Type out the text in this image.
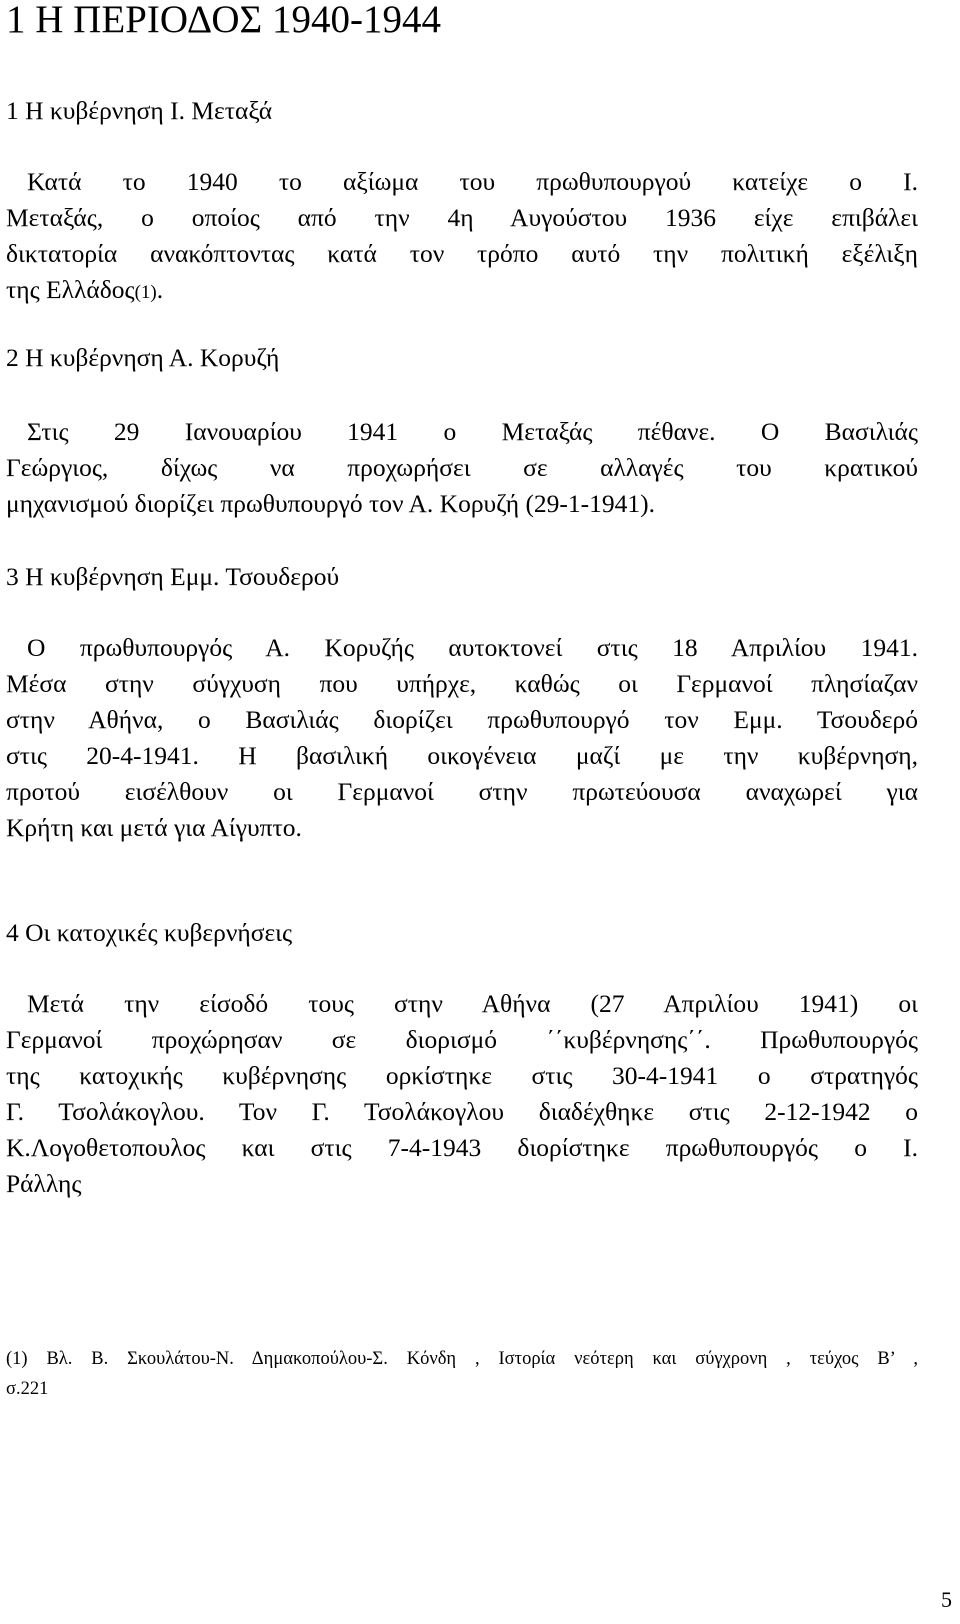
1 Η ΠΕΡΙΟΔΟΣ 1940-1944
1 Η κυβέρνηση Ι. Μεταξά
Κατά το 1940 το αξίωμα του πρωθυπουργού κατείχε ο Ι.
Μεταξάς, ο οποίος από την 4η Αυγούστου 1936 είχε επιβάλει
δικτατορία ανακόπτοντας κατά τον τρόπο αυτό την πολιτική εξέλιξη
της Ελλάδος(1).
2 Η κυβέρνηση Α. Κορυζή
Στις 29 Ιανουαρίου 1941 ο Μεταξάς πέθανε. Ο Βασιλιάς
Γεώργιος, δίχως να προχωρήσει σε αλλαγές του κρατικού
μηχανισμού διορίζει πρωθυπουργό τον Α. Κορυζή (29-1-1941).
3 Η κυβέρνηση Εμμ. Τσουδερού
Ο πρωθυπουργός Α. Κορυζής αυτοκτονεί στις 18 Απριλίου 1941.
Μέσα στην σύγχυση που υπήρχε, καθώς οι Γερμανοί πλησίαζαν
στην Αθήνα, ο Βασιλιάς διορίζει πρωθυπουργό τον Εμμ. Τσουδερό
στις 20-4-1941. Η βασιλική οικογένεια μαζί με την κυβέρνηση,
προτού εισέλθουν οι Γερμανοί στην πρωτεύουσα αναχωρεί για
Κρήτη και μετά για Αίγυπτο.
4 Οι κατοχικές κυβερνήσεις
Μετά την είσοδό τους στην Αθήνα (27 Απριλίου 1941) οι
Γερμανοί προχώρησαν σε διορισμό ΄΄κυβέρνησης΄΄. Πρωθυπουργός
της κατοχικής κυβέρνησης ορκίστηκε στις 30-4-1941 ο στρατηγός
Γ. Τσολάκογλου. Τον Γ. Τσολάκογλου διαδέχθηκε στις 2-12-1942 ο
Κ.Λογοθετοπουλος και στις 7-4-1943 διορίστηκε πρωθυπουργός ο Ι.
Ράλλης
(1) Βλ. Β. Σκουλάτου-Ν. Δημακοπούλου-Σ. Κόνδη , Ιστορία νεότερη και σύγχρονη , τεύχος Β’ ,
σ.221
5
